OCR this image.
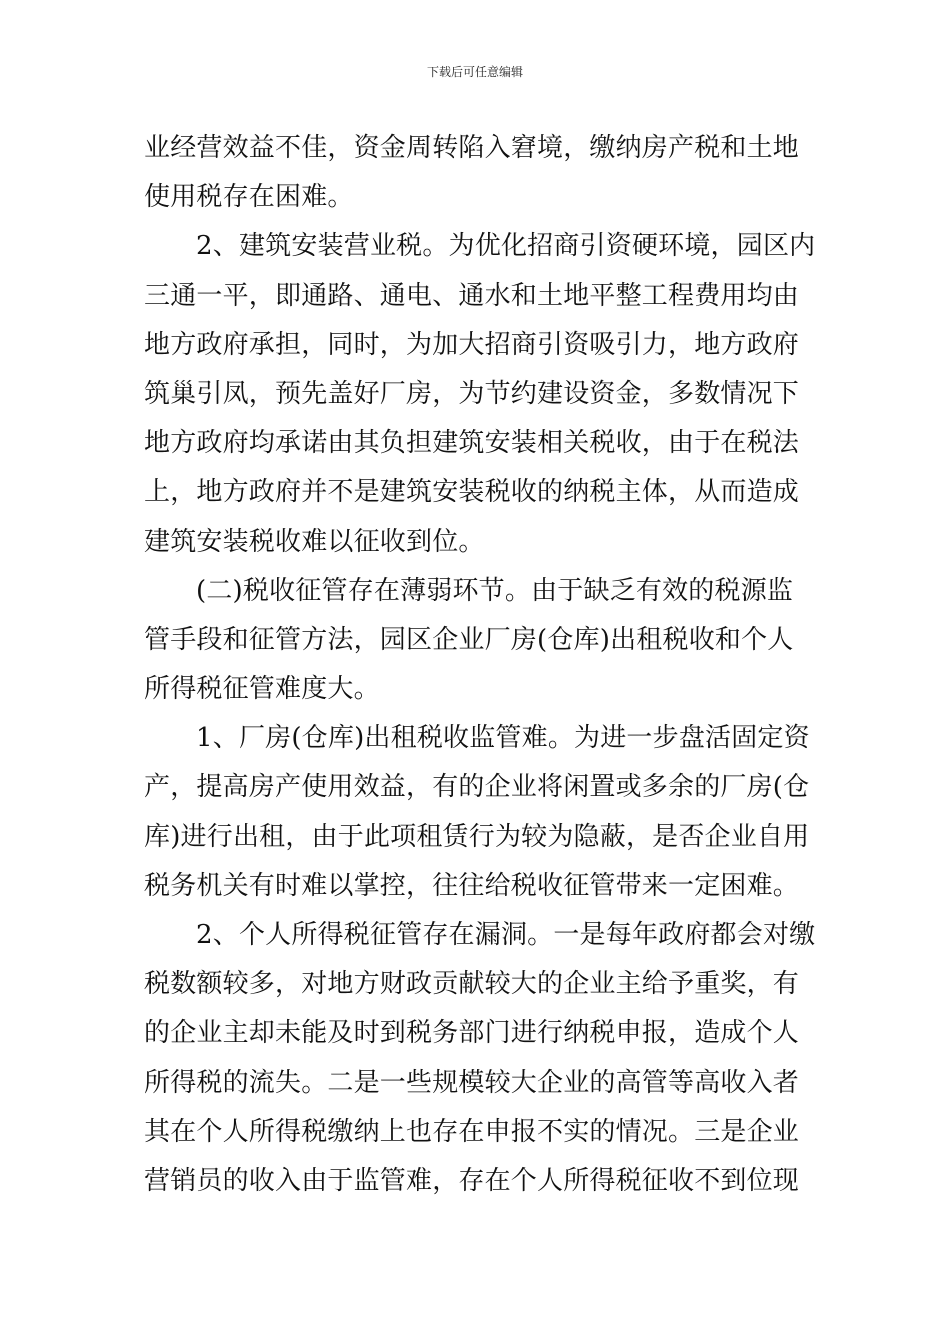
下载后可任意编辑
业经营效益不佳，资金周转陷入窘境，缴纳房产税和土地
使用税存在困难。
2、建筑安装营业税。为优化招商引资硬环境，园区内
三通一平，即通路、通电、通水和土地平整工程费用均由
地方政府承担，同时，为加大招商引资吸引力，地方政府
筑巢引凤，预先盖好厂房，为节约建设资金，多数情况下
地方政府均承诺由其负担建筑安装相关税收，由于在税法
上，地方政府并不是建筑安装税收的纳税主体，从而造成
建筑安装税收难以征收到位。
(二)税收征管存在薄弱环节。由于缺乏有效的税源监
管手段和征管方法，园区企业厂房(仓库)出租税收和个人
所得税征管难度大。
1、厂房(仓库)出租税收监管难。为进一步盘活固定资
产，提高房产使用效益，有的企业将闲置或多余的厂房(仓
库)进行出租，由于此项租赁行为较为隐蔽，是否企业自用
税务机关有时难以掌控，往往给税收征管带来一定困难。
2、个人所得税征管存在漏洞。一是每年政府都会对缴
税数额较多，对地方财政贡献较大的企业主给予重奖，有
的企业主却未能及时到税务部门进行纳税申报，造成个人
所得税的流失。二是一些规模较大企业的高管等高收入者
其在个人所得税缴纳上也存在申报不实的情况。三是企业
营销员的收入由于监管难，存在个人所得税征收不到位现
